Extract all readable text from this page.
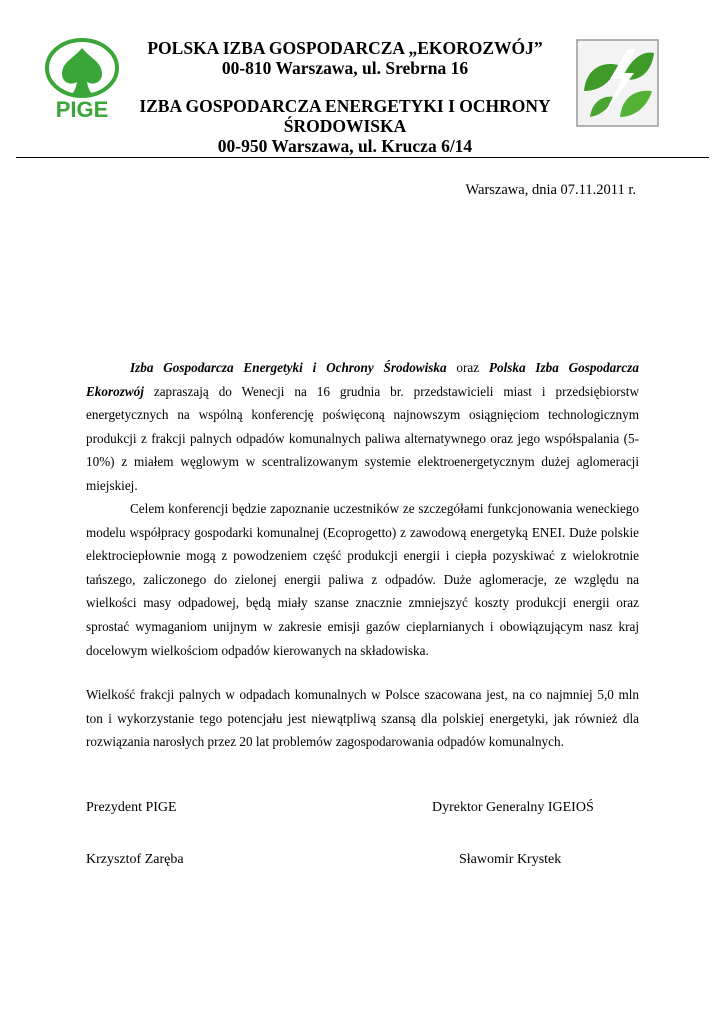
PIGE
POLSKA IZBA GOSPODARCZA „EKOROZWÓJ”
00-810 Warszawa, ul. Srebrna 16
IZBA GOSPODARCZA ENERGETYKI I OCHRONY
ŚRODOWISKA
00-950 Warszawa, ul. Krucza 6/14
Warszawa, dnia 07.11.2011 r.
Izba Gospodarcza Energetyki i Ochrony Środowiska oraz Polska Izba Gospodarcza Ekorozwój zapraszają do Wenecji na 16 grudnia br. przedstawicieli miast i przedsiębiorstw energetycznych na wspólną konferencję poświęconą najnowszym osiągnięciom technologicznym produkcji z frakcji palnych odpadów komunalnych paliwa alternatywnego oraz jego współspalania (5-10%) z miałem węglowym w scentralizowanym systemie elektroenergetycznym dużej aglomeracji miejskiej.
Celem konferencji będzie zapoznanie uczestników ze szczegółami funkcjonowania weneckiego modelu współpracy gospodarki komunalnej (Ecoprogetto) z zawodową energetyką ENEI. Duże polskie elektrociepłownie mogą z powodzeniem część produkcji energii i ciepła pozyskiwać z wielokrotnie tańszego, zaliczonego do zielonej energii paliwa z odpadów. Duże aglomeracje, ze względu na wielkości masy odpadowej, będą miały szanse znacznie zmniejszyć koszty produkcji energii oraz sprostać wymaganiom unijnym w zakresie emisji gazów cieplarnianych i obowiązującym nasz kraj docelowym wielkościom odpadów kierowanych na składowiska.
Wielkość frakcji palnych w odpadach komunalnych w Polsce szacowana jest, na co najmniej 5,0 mln ton i wykorzystanie tego potencjału jest niewątpliwą szansą dla polskiej energetyki, jak również dla rozwiązania narosłych przez 20 lat problemów zagospodarowania odpadów komunalnych.
Prezydent PIGE	Dyrektor Generalny IGEIOŚ
Krzysztof Zaręba	Sławomir Krystek
